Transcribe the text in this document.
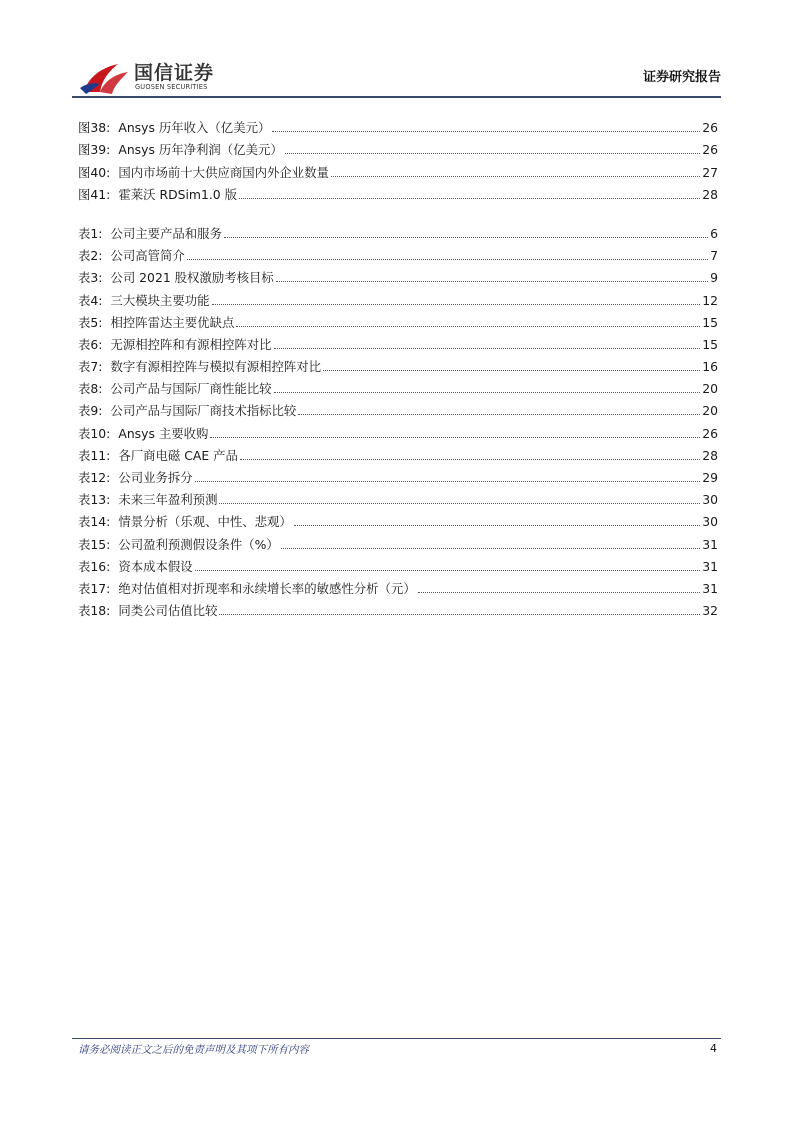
国信证券
GUOSEN SECURITIES
证券研究报告
图38: Ansys 历年收入（亿美元）	26
图39: Ansys 历年净利润（亿美元）	26
图40: 国内市场前十大供应商国内外企业数量	27
图41: 霍莱沃 RDSim1.0 版	28
表1: 公司主要产品和服务	6
表2: 公司高管简介	7
表3: 公司 2021 股权激励考核目标	9
表4: 三大模块主要功能	12
表5: 相控阵雷达主要优缺点	15
表6: 无源相控阵和有源相控阵对比	15
表7: 数字有源相控阵与模拟有源相控阵对比	16
表8: 公司产品与国际厂商性能比较	20
表9: 公司产品与国际厂商技术指标比较	20
表10: Ansys 主要收购	26
表11: 各厂商电磁 CAE 产品	28
表12: 公司业务拆分	29
表13: 未来三年盈利预测	30
表14: 情景分析（乐观、中性、悲观）	30
表15: 公司盈利预测假设条件（%）	31
表16: 资本成本假设	31
表17: 绝对估值相对折现率和永续增长率的敏感性分析（元）	31
表18: 同类公司估值比较	32
请务必阅读正文之后的免责声明及其项下所有内容	4
